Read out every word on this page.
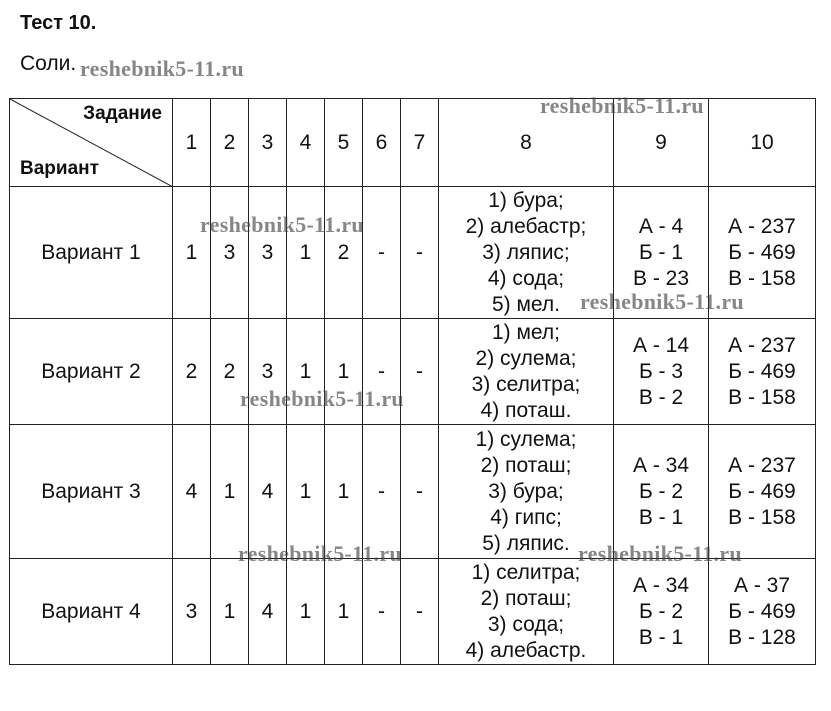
Тест 10.
Соли.
Задание
Вариант	1	2	3	4	5	6	7	8	9	10
Вариант 1	1	3	3	1	2	-	-	1) бура;
2) алебастр;
3) ляпис;
4) сода;
5) мел.	А - 4
Б - 1
В - 23	А - 237
Б - 469
В - 158

Вариант 2	2	2	3	1	1	-	-	1) мел;
2) сулема;
3) селитра;
4) поташ.	А - 14
Б - 3
В - 2	А - 237
Б - 469
В - 158

Вариант 3	4	1	4	1	1	-	-	1) сулема;
2) поташ;
3) бура;
4) гипс;
5) ляпис.	А - 34
Б - 2
В - 1	А - 237
Б - 469
В - 158

Вариант 4	3	1	4	1	1	-	-	1) селитра;
2) поташ;
3) сода;
4) алебастр.	А - 34
Б - 2
В - 1	А - 37
Б - 469
В - 128
reshebnik5-11.ru
reshebnik5-11.ru
reshebnik5-11.ru
reshebnik5-11.ru
reshebnik5-11.ru
reshebnik5-11.ru	reshebnik5-11.ru
